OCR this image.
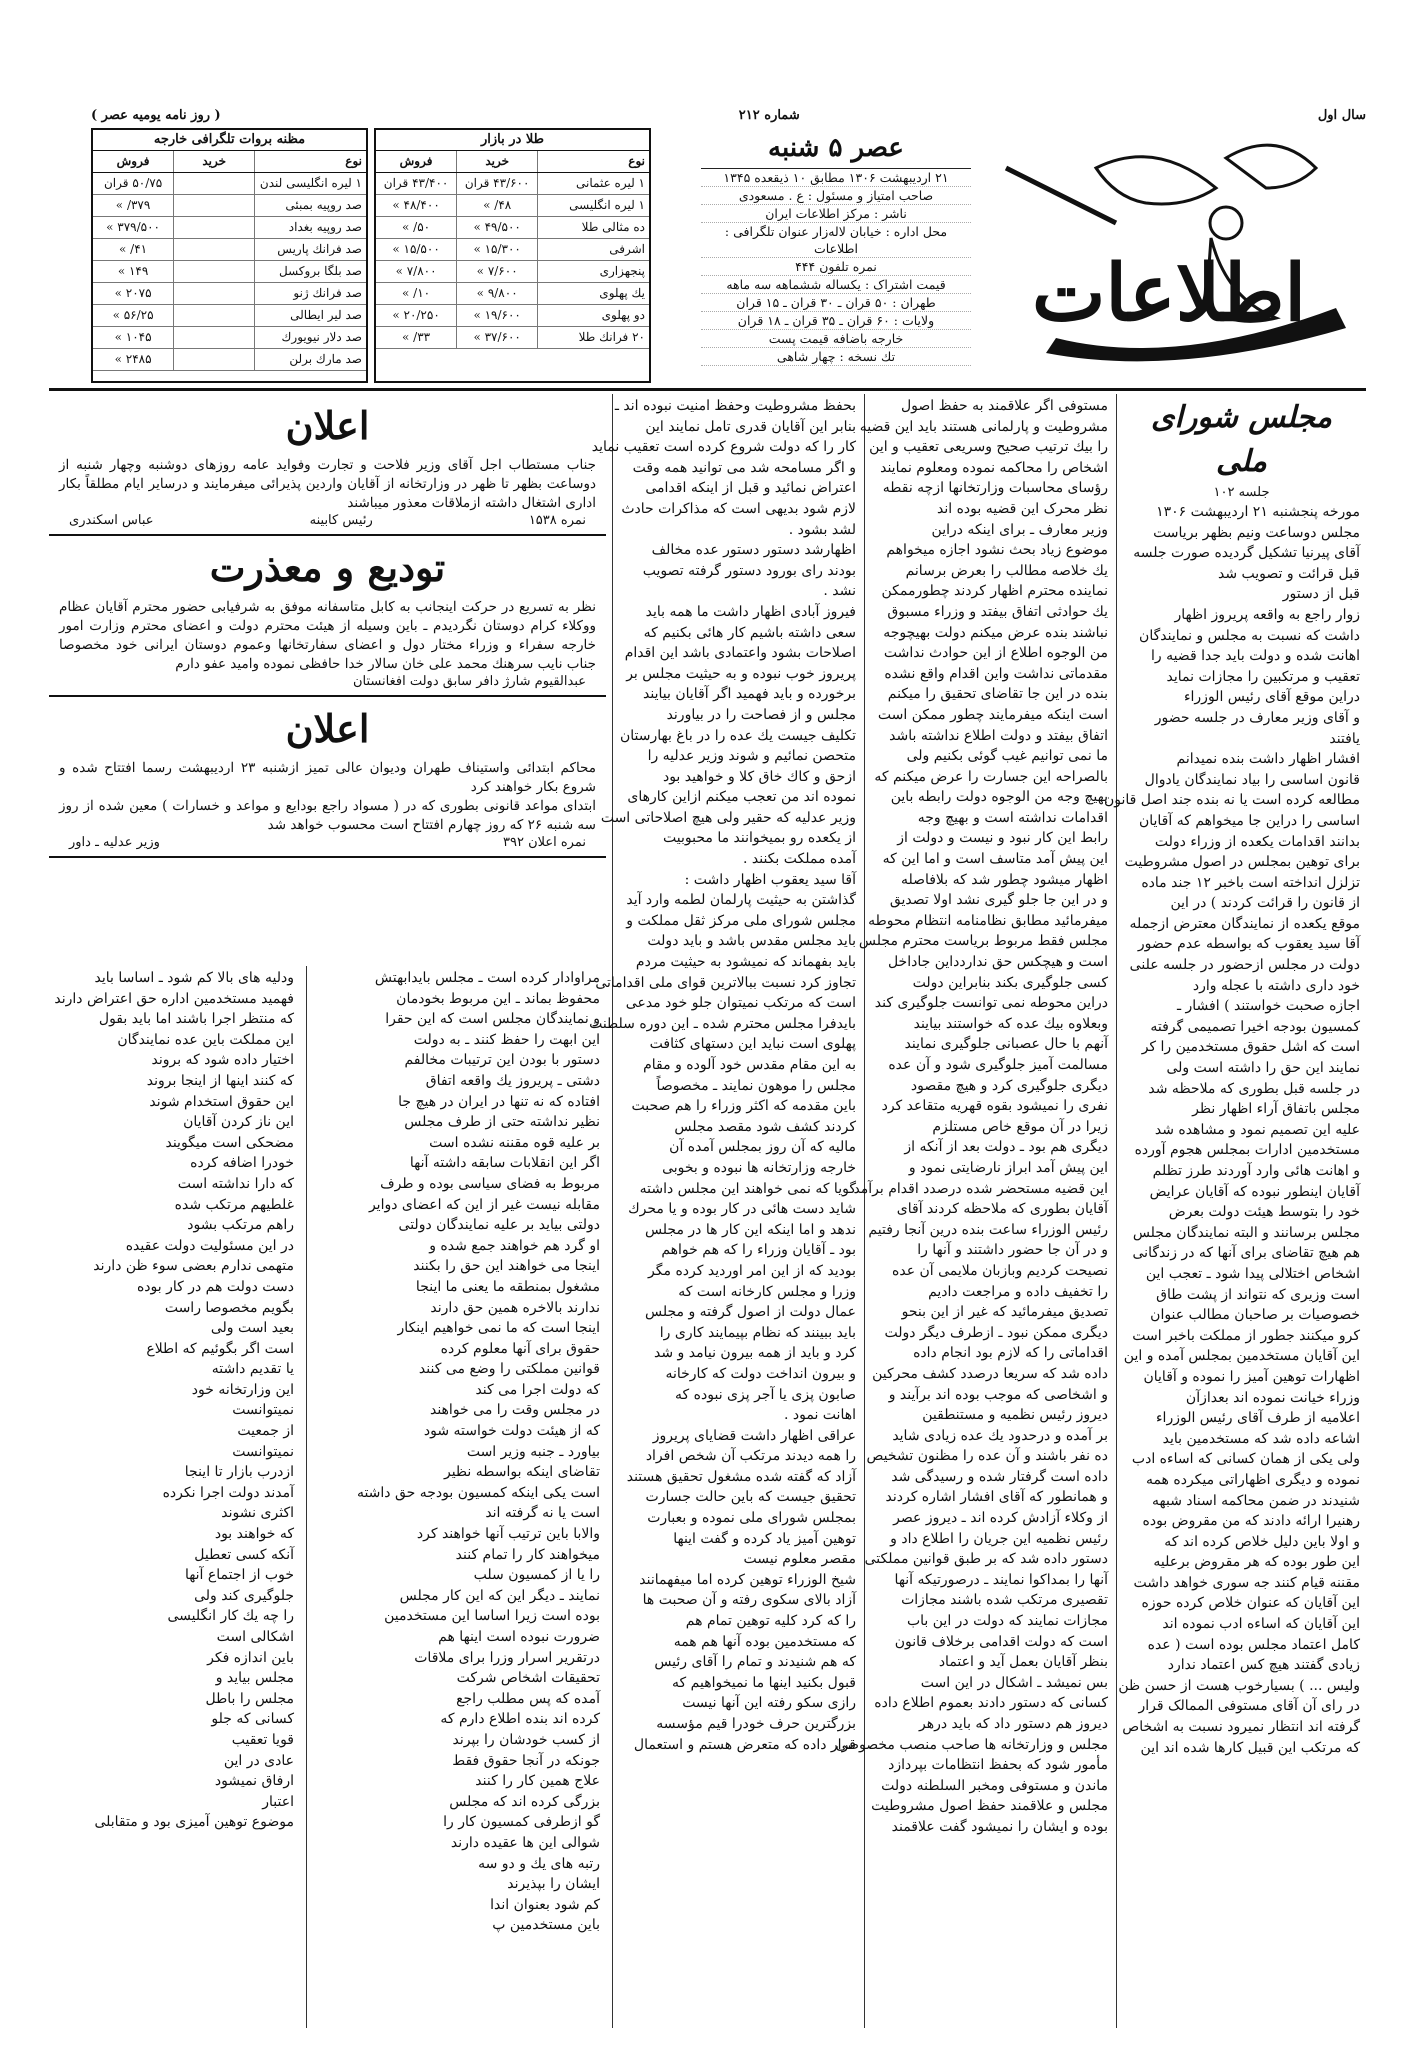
سال اول
شماره ۲۱۲
( روز نامه یومیه عصر )
اطلاعات
عصر ۵ شنبه
۲۱ اردیبهشت ۱۳۰۶ مطابق ۱۰ ذیقعده ۱۳۴۵
صاحب امتیاز و مسئول : ع . مسعودی
ناشر : مرکز اطلاعات ایران
محل اداره : خیابان لاله‌زار عنوان تلگرافی : اطلاعات
نمره تلفون ۴۴۴
قیمت اشتراک : یکساله ششماهه سه ماهه
طهران : ۵۰ قران ـ ۳۰ قران ـ ۱۵ قران
ولایات : ۶۰ قران ـ ۳۵ قران ـ ۱۸ قران
خارجه باضافه قیمت پست
تك نسخه : چهار شاهی
طلا در بازار
نوع
خرید
فروش
۱ لیره عثمانی
۴۳/۶۰۰ قران
۴۳/۴۰۰ قران
۱ لیره انگلیسی
۴۸/ »
۴۸/۴۰۰ »
ده مثالی طلا
۴۹/۵۰۰ »
۵۰/ »
اشرفی
۱۵/۳۰۰ »
۱۵/۵۰۰ »
پنجهزاری
۷/۶۰۰ »
۷/۸۰۰ »
یك پهلوی
۹/۸۰۰ »
۱۰/ »
دو پهلوی
۱۹/۶۰۰ »
۲۰/۲۵۰ »
۲۰ فرانك طلا
۳۷/۶۰۰ »
۳۳/ »
مظنه بروات تلگرافی خارجه
نوع
خرید
فروش
۱ لیره انگلیسی لندن
۵۰/۷۵ قران
صد روپیه بمبئی
۳۷۹/ »
صد روپیه بغداد
۳۷۹/۵۰۰ »
صد فرانك پاریس
۴۱/ »
صد بلگا بروکسل
۱۴۹ »
صد فرانك ژنو
۲۰۷۵ »
صد لیر ایطالی
۵۶/۲۵ »
صد دلار نیویورك
۱۰۴۵ »
صد مارك برلن
۲۴۸۵ »
مجلس شورای ملی
جلسه ۱۰۲
مورخه پنجشنبه ۲۱ اردیبهشت ۱۳۰۶
مجلس دوساعت ونیم بظهر بریاست
آقای پیرنیا تشکیل گردیده صورت جلسه
قبل قرائت و تصویب شد
قبل از دستور
زوار راجع به واقعه پریروز اظهار
داشت که نسبت به مجلس و نمایندگان
اهانت شده و دولت باید جدا قضیه را
تعقیب و مرتکبین را مجازات نماید
دراین موقع آقای رئیس الوزراء
و آقای وزیر معارف در جلسه حضور
یافتند
افشار اظهار داشت بنده نمیدانم
قانون اساسی را بیاد نمایندگان یادوال
مطالعه کرده است یا نه بنده جند اصل قانون
اساسی را دراین جا میخواهم که آقایان
بدانند اقدامات یکعده از وزراء دولت
برای توهین بمجلس در اصول مشروطیت
تزلزل انداخته است باخبر ۱۲ جند ماده
از قانون را قرائت کردند ) در این
موقع یکعده از نمایندگان معترض ازجمله
آقا سید یعقوب که بواسطه عدم حضور
دولت در مجلس ازحضور در جلسه علنی
خود داری داشته با عجله وارد
اجازه صحبت خواستند ) افشار ـ
کمسیون بودجه اخیرا تصمیمی گرفته
است که اشل حقوق مستخدمین را کر
نمایند این حق را داشته است ولی
در جلسه قبل بطوری که ملاحظه شد
مجلس باتفاق آراء اظهار نظر
علیه این تصمیم نمود و مشاهده شد
مستخدمین ادارات بمجلس هجوم آورده
و اهانت هائی وارد آوردند طرز تظلم
آقایان اینطور نبوده که آقایان عرایض
خود را بتوسط هیئت دولت بعرض
مجلس برسانند و البته نمایندگان مجلس
هم هیچ تقاضای برای آنها که در زندگانی
اشخاص اختلالی پیدا شود ـ تعجب این
است وزیری که نتواند از پشت طاق
خصوصیات بر صاحبان مطالب عنوان
کرو میکنند جطور از مملکت باخبر است
این آقایان مستخدمین بمجلس آمده و این
اظهارات توهین آمیز را نموده و آقایان
وزراء خیانت نموده اند بعدازآن
اعلامیه از طرف آقای رئیس الوزراء
اشاعه داده شد که مستخدمین باید
ولی یکی از همان کسانی که اساءه ادب
نموده و دیگری اظهاراتی میکرده همه
شنیدند در ضمن محاکمه اسناد شبهه
رهنیرا ارائه دادند که من مقروض بوده
و اولا باین دلیل خلاص کرده اند که
این طور بوده که هر مقروض برعلیه
مقننه قیام کنند جه سوری خواهد داشت
این آقایان که عنوان خلاص کرده حوزه
این آقایان که اساءه ادب نموده اند
کامل اعتماد مجلس بوده است ( عده
زیادی گفتند هیچ کس اعتماد ندارد
ولیس ... ) بسیارخوب هست از حسن ظن
در رای آن آقای مستوفی الممالک قرار
گرفته اند انتظار نمیرود نسبت به اشخاص
که مرتکب این قبیل کارها شده اند این
مستوفی اگر علاقمند به حفظ اصول
مشروطیت و پارلمانی هستند باید این قضیه
را بیك ترتیب صحیح وسریعی تعقیب و این
اشخاص را محاکمه نموده ومعلوم نمایند
رؤسای محاسبات وزارتخانها ازچه نقطه
نظر محرک این قضیه بوده اند
وزیر معارف ـ برای اینکه دراین
موضوع زیاد بحث نشود اجازه میخواهم
یك خلاصه مطالب را بعرض برسانم
نماینده محترم اظهار کردند چطورممکن
یك حوادثی اتفاق بیفتد و وزراء مسبوق
نباشند بنده عرض میکنم دولت بهیچوجه
من الوجوه اطلاع از این حوادث نداشت
مقدماتی نداشت واین اقدام واقع نشده
بنده در این جا تقاضای تحقیق را میکنم
است اینکه میفرمایند چطور ممکن است
اتفاق بیفتد و دولت اطلاع نداشته باشد
ما نمی توانیم غیب گوئی بکنیم ولی
بالصراحه این جسارت را عرض میکنم که
بهیچ وجه من الوجوه دولت رابطه باین
اقدامات نداشته است و بهیچ وجه
رابط این کار نبود و نیست و دولت از
این پیش آمد متاسف است و اما این که
اظهار میشود چطور شد که بلافاصله
و در این جا جلو گیری نشد اولا تصدیق
میفرمائید مطابق نظامنامه انتظام محوطه
مجلس فقط مربوط بریاست محترم مجلس
است و هیچکس حق نداردداین جاداخل
کسی جلوگیری بکند بنابراین دولت
دراین محوطه نمی توانست جلوگیری کند
وبعلاوه بیك عده که خواستند بیایند
آنهم با حال عصبانی جلوگیری نمایند
مسالمت آمیز جلوگیری شود و آن عده
دیگری جلوگیری کرد و هیچ مقصود
نفری را نمیشود بقوه قهریه متقاعد کرد
زیرا در آن موقع خاص مستلزم
دیگری هم بود ـ دولت بعد از آنکه از
این پیش آمد ابراز نارضایتی نمود و
این قضیه مستحضر شده درصدد اقدام برآمد
آقایان بطوری که ملاحظه کردند آقای
رئیس الوزراء ساعت بنده درین آنجا رفتیم
و در آن جا حضور داشتند و آنها را
نصیحت کردیم وبازبان ملایمی آن عده
را تخفیف داده و مراجعت دادیم
تصدیق میفرمائید که غیر از این بنحو
دیگری ممکن نبود ـ ازطرف دیگر دولت
اقداماتی را که لازم بود انجام داده
داده شد که سریعا درصدد کشف محرکین
و اشخاصی که موجب بوده اند برآیند و
دیروز رئیس نظمیه و مستنطقین
بر آمده و درحدود یك عده زیادی شاید
ده نفر باشند و آن عده را مظنون تشخیص
داده است گرفتار شده و رسیدگی شد
و همانطور که آقای افشار اشاره کردند
از وکلاء آزادش کرده اند ـ دیروز عصر
رئیس نظمیه این جریان را اطلاع داد و
دستور داده شد که بر طبق قوانین مملکتی
آنها را بمداکوا نمایند ـ درصورتیکه آنها
تقصیری مرتکب شده باشند مجازات
مجازات نمایند که دولت در این باب
است که دولت اقدامی برخلاف قانون
بنظر آقایان بعمل آید و اعتماد
بس نمیشد ـ اشکال در این است
کسانی که دستور دادند بعموم اطلاع داده
دیروز هم دستور داد که باید درهر
مجلس و وزارتخانه ها صاحب منصب مخصوصی
مأمور شود که بحفظ انتظامات بپردازد
ماندن و مستوفی ومخبر السلطنه دولت
مجلس و علاقمند حفظ اصول مشروطیت
بوده و ایشان را نمیشود گفت علاقمند
بحفظ مشروطیت وحفظ امنیت نبوده اند ـ
بنابر این آقایان قدری تامل نمایند این
کار را که دولت شروع کرده است تعقیب نماید
و اگر مسامحه شد می توانید همه وقت
اعتراض نمائید و قبل از اینکه اقدامی
لازم شود بدیهی است که مذاکرات حادث
لشد بشود .
اظهارشد دستور دستور عده مخالف
بودند رای بورود دستور گرفته تصویب
نشد .
فیروز آبادی اظهار داشت ما همه باید
سعی داشته باشیم کار هائی بکنیم که
اصلاحات بشود واعتمادی باشد این اقدام
پریروز خوب نبوده و به حیثیت مجلس بر
برخورده و باید فهمید اگر آقایان بیایند
مجلس و از فصاحت را در بیاورند
تکلیف جیست یك عده را در باغ بهارستان
متحصن نمائیم و شوند وزیر عدلیه را
ازحق و کاك خاق کلا و خواهید بود
نموده اند من تعجب میکنم ازاین کارهای
وزیر عدلیه که حقیر ولی هیچ اصلاحاتی است
از یکعده رو بمیخوانند ما محبوبیت
آمده مملکت بکنند .
آقا سید یعقوب اظهار داشت :
گذاشتن به حیثیت پارلمان لطمه وارد آید
مجلس شورای ملی مرکز ثقل مملکت و
باید مجلس مقدس باشد و باید دولت
باید بفهماند که نمیشود به حیثیت مردم
تجاوز کرد نسبت ببالاترین قوای ملی اقداماتی
است که مرتکب نمیتوان جلو خود مدعی
بایدفرا مجلس محترم شده ـ این دوره سلطنت
پهلوی است نباید این دستهای کثافت
به این مقام مقدس خود آلوده و مقام
مجلس را موهون نمایند ـ مخصوصاً
باین مقدمه که اکثر وزراء را هم صحبت
کردند کشف شود مقصد مجلس
مالیه که آن روز بمجلس آمده آن
خارجه وزارتخانه ها نبوده و بخوبی
گویا که نمی خواهند این مجلس داشته
شاید دست هائی در کار بوده و یا محرك
ندهد و اما اینکه این کار ها در مجلس
بود ـ آقایان وزراء را که هم خواهم
بودید که از این امر اوردید کرده مگر
وزرا و مجلس کارخانه است که
عمال دولت از اصول گرفته و مجلس
باید ببینند که نظام بپیمایند کاری را
کرد و باید از همه بیرون نیامد و شد
و بیرون انداخت دولت که کارخانه
صابون پزی یا آجر پزی نبوده که
اهانت نمود .
عراقی اظهار داشت قضایای پریروز
را همه دیدند مرتکب آن شخص افراد
آزاد که گفته شده مشغول تحقیق هستند
تحقیق جیست که باین حالت جسارت
بمجلس شورای ملی نموده و بعبارت
توهین آمیز یاد کرده و گفت اینها
مقصر معلوم نیست
شیخ الوزراء توهین کرده اما میفهمانند
آزاد بالای سکوی رفته و آن صحبت ها
را که کرد کلیه توهین تمام هم
که مستخدمین بوده آنها هم همه
که هم شنیدند و تمام را آقای رئیس
قبول بکنید اینها ما نمیخواهیم که
رازی سکو رفته این آنها نیست
بزرگترین حرف خودرا قیم مؤسسه
قرار داده که متعرض هستم و استعمال
اعلان
جناب مستطاب اجل آقای وزیر فلاحت و تجارت وفواید عامه روزهای دوشنبه وچهار شنبه از دوساعت بظهر تا ظهر در وزارتخانه از آقایان واردین پذیرائی میفرمایند و درسایر ایام مطلقاً بکار اداری اشتغال داشته ازملاقات معذور میباشند
نمره ۱۵۳۸
رئیس کابینه
عباس اسکندری
تودیع و معذرت
نظر به تسریع در حرکت اینجانب به کابل متاسفانه موفق به شرفیابی حضور محترم آقایان عظام ووکلاء کرام دوستان نگردیدم ـ باین وسیله از هیئت محترم دولت و اعضای محترم وزارت امور خارجه سفراء و وزراء مختار دول و اعضای سفارتخانها وعموم دوستان ایرانی خود مخصوصا جناب نایب سرهنك محمد علی خان سالار خدا حافظی نموده وامید عفو دارم
عبدالقیوم شارژ دافر سابق دولت افغانستان
اعلان
محاکم ابتدائی واستیناف طهران ودیوان عالی تمیز ازشنبه ۲۳ اردیبهشت رسما افتتاح شده و شروع بکار خواهند کرد
ابتدای مواعد قانونی بطوری که در ( مسواد راجع بودایع و مواعد و خسارات ) معین شده از روز سه شنبه ۲۶ که روز چهارم افتتاح است محسوب خواهد شد
نمره اعلان ۳۹۲
وزیر عدلیه ـ داور
مراوادار کرده است ـ مجلس بایدابهتش
محفوظ بماند ـ این مربوط بخودمان
و نمایندگان مجلس است که این حقرا
این ابهت را حفظ کنند ـ به دولت
دستور با بودن این ترتیبات مخالفم
دشتی ـ پریروز یك واقعه اتفاق
افتاده که نه تنها در ایران در هیچ جا
نظیر نداشته حتی از طرف مجلس
بر علیه قوه مقننه نشده است
اگر این انقلابات سابقه داشته آنها
مربوط به فضای سیاسی بوده و طرف
مقابله نیست غیر از این که اعضای دوایر
دولتی بیاید بر علیه نمایندگان دولتی
او گرد هم خواهند جمع شده و
اینجا می خواهند این حق را بکنند
مشغول بمنطقه ما یعنی ما اینجا
ندارند بالاخره همین حق دارند
اینجا است که ما نمی خواهیم اینکار
حقوق برای آنها معلوم کرده
قوانین مملکتی را وضع می کنند
که دولت اجرا می کند
در مجلس وقت را می خواهند
که از هیئت دولت خواسته شود
بیاورد ـ جنبه وزیر است
تقاضای اینکه بواسطه نظیر
است یکی اینکه کمسیون بودجه حق داشته
است یا نه گرفته اند
والابا باین ترتیب آنها خواهند کرد
میخواهند کار را تمام کنند
را یا از کمسیون سلب
نمایند ـ دیگر این که این کار مجلس
بوده است زیرا اساسا این مستخدمین
ضرورت نبوده است اینها هم
درتقریر اسرار وزرا برای ملاقات
تحقیقات اشخاص شرکت
آمده که پس مطلب راجع
کرده اند بنده اطلاع دارم که
از کسب خودشان را بپرند
جونکه در آنجا حقوق فقط
علاج همین کار را کنند
بزرگی کرده اند که مجلس
گو ازطرفی کمسیون کار را
شوالی این ها عقیده دارند
رتبه های یك و دو سه
ایشان را بپذیرند
کم شود بعنوان اندا
باین مستخدمین پ
ودلیه های بالا کم شود ـ اساسا باید
فهمید مستخدمین اداره حق اعتراض دارند
که منتظر اجرا باشند اما باید بقول
این مملکت باین عده نمایندگان
اختیار داده شود که بروند
که کنند اینها از اینجا بروند
این حقوق استخدام شوند
این ناز کردن آقایان
مضحکی است میگویند
خودرا اضافه کرده
که دارا نداشته است
غلطیهم مرتکب شده
راهم مرتکب بشود
در این مسئولیت دولت عقیده
متهمی ندارم بعضی سوء ظن دارند
دست دولت هم در کار بوده
بگویم مخصوصا راست
بعید است ولی
است اگر بگوئیم که اطلاع
یا تقدیم داشته
این وزارتخانه خود
نمیتوانست
از جمعیت
نمیتوانست
ازدرب بازار تا اینجا
آمدند دولت اجرا نکرده
اکثری نشوند
که خواهند بود
آنکه کسی تعطیل
خوب از اجتماع آنها
جلوگیری کند ولی
را چه یك کار انگلیسی
اشکالی است
باین اندازه فکر
مجلس بیاید و
مجلس را باطل
کسانی که جلو
قویا تعقیب
عادی در این
ارفاق نمیشود
اعتبار
موضوع توهین آمیزی بود و متقابلی
